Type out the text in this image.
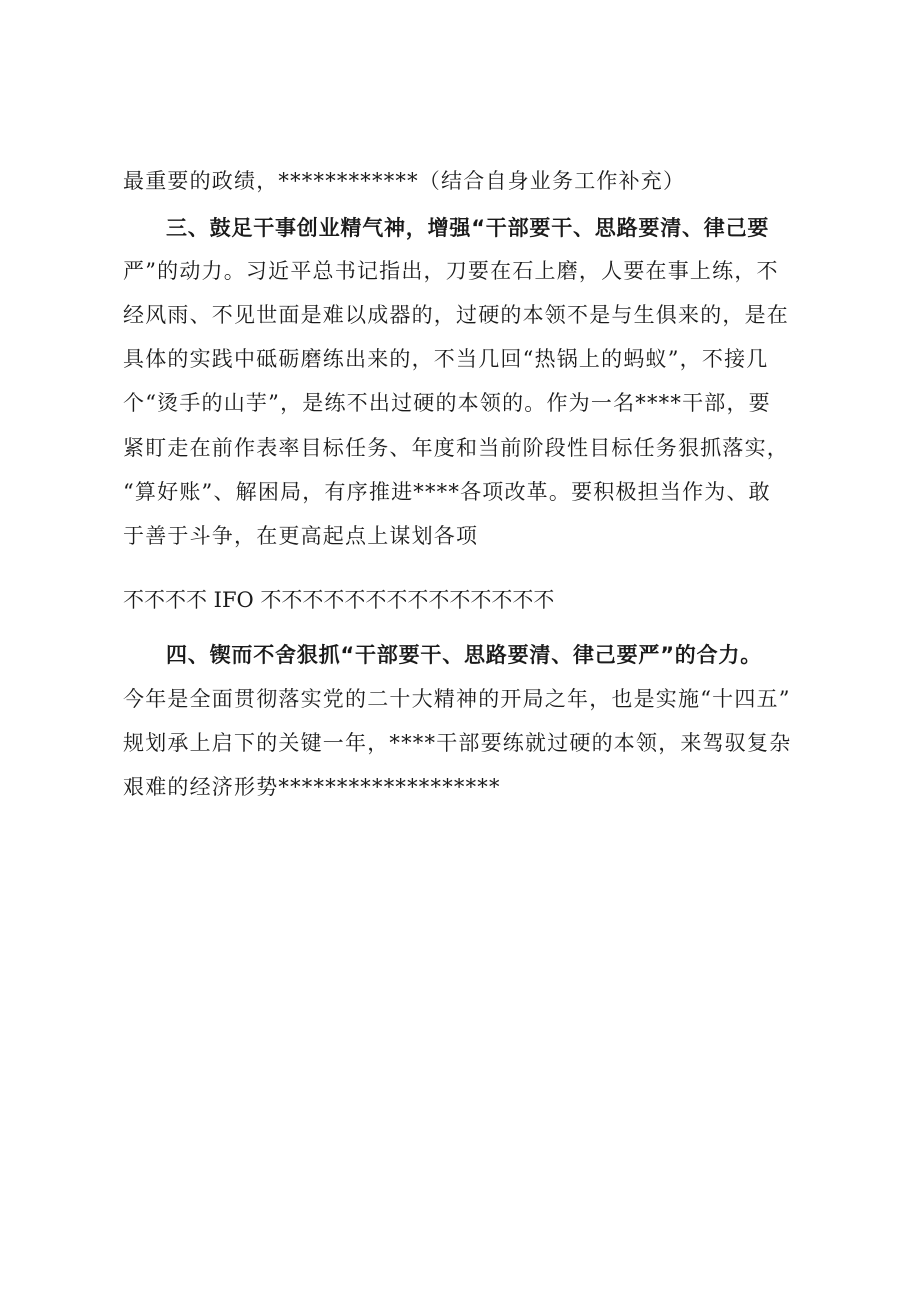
最重要的政绩，************（结合自身业务工作补充）
三、鼓足干事创业精气神，增强“干部要干、思路要清、律己要
严”的动力。习近平总书记指出，刀要在石上磨，人要在事上练，不
经风雨、不见世面是难以成器的，过硬的本领不是与生俱来的，是在
具体的实践中砥砺磨练出来的，不当几回“热锅上的蚂蚁”，不接几
个“烫手的山芋”，是练不出过硬的本领的。作为一名****干部，要
紧盯走在前作表率目标任务、年度和当前阶段性目标任务狠抓落实，
“算好账”、解困局，有序推进****各项改革。要积极担当作为、敢
于善于斗争，在更高起点上谋划各项
不不不不 IFO 不不不不不不不不不不不不不不
四、锲而不舍狠抓“干部要干、思路要清、律己要严”的合力。
今年是全面贯彻落实党的二十大精神的开局之年，也是实施“十四五”
规划承上启下的关键一年，****干部要练就过硬的本领，来驾驭复杂
艰难的经济形势*******************
